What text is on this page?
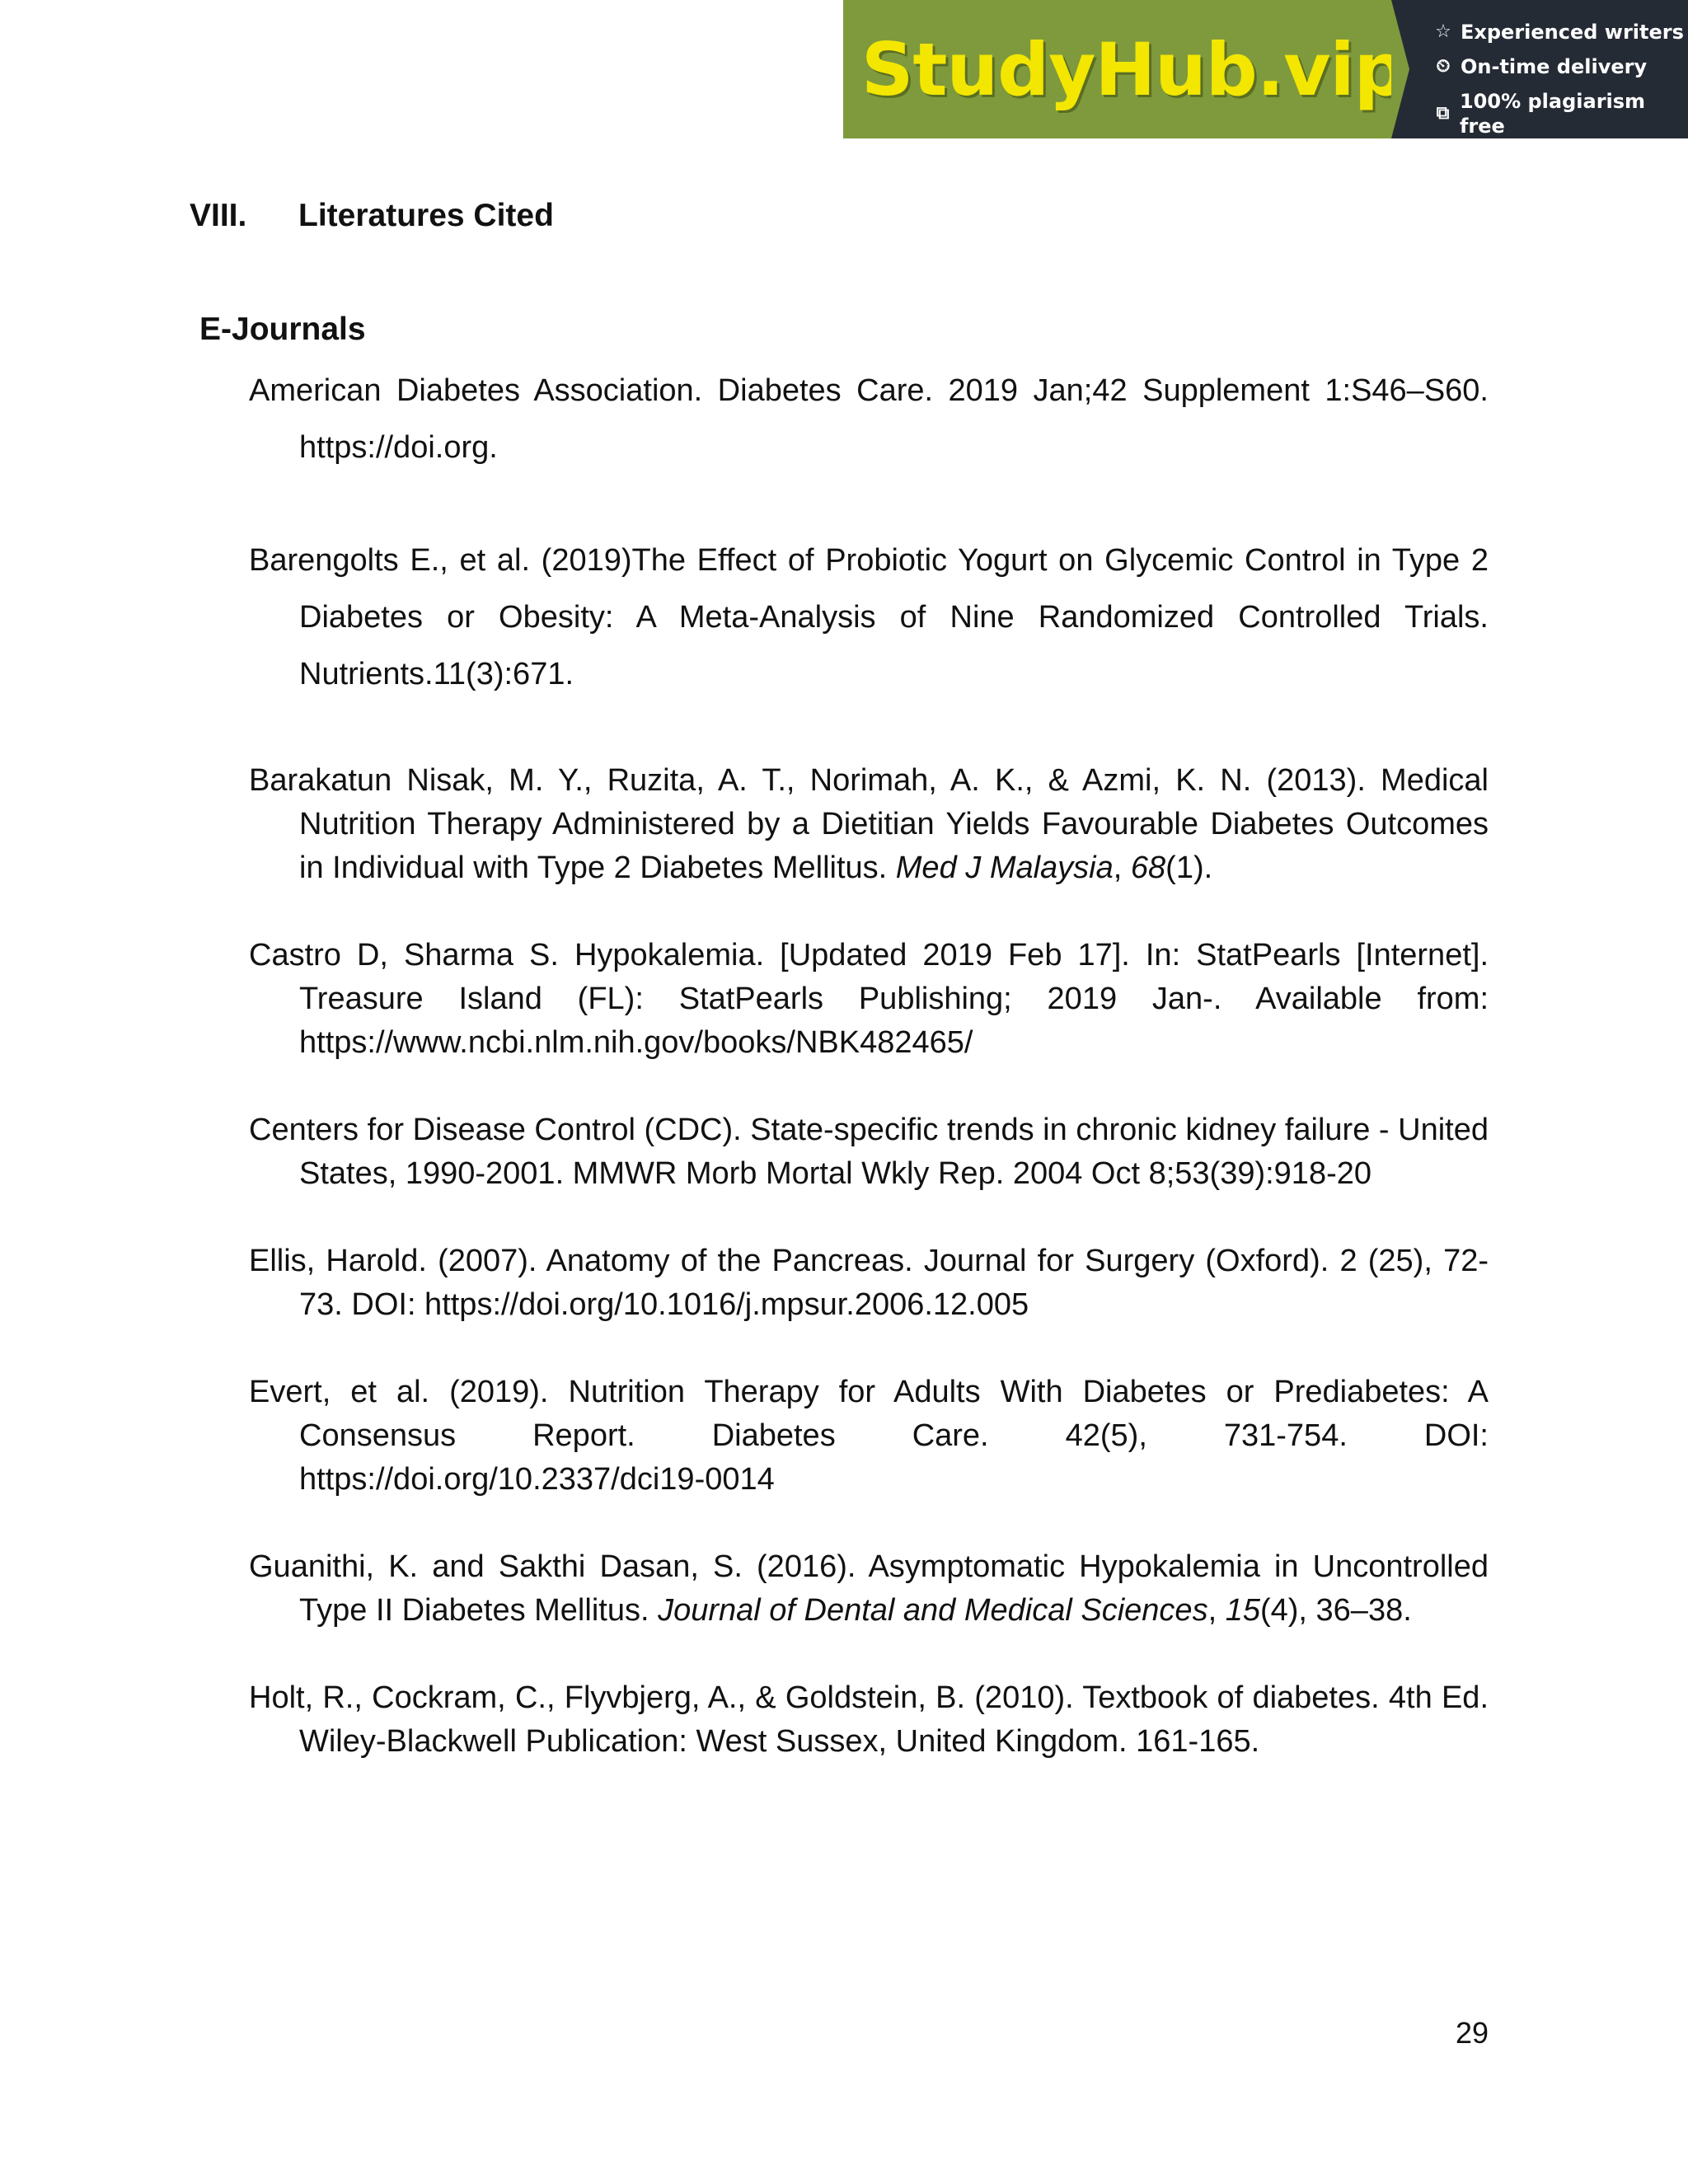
StudyHub.vip ☆ Experienced writers
⏲ On-time delivery
⧉
100% plagiarism free
VIII.	Literatures Cited
E-Journals

American Diabetes Association. Diabetes Care. 2019 Jan;42 Supplement 1:S46–S60. https://doi.org.

Barengolts E., et al. (2019)The Effect of Probiotic Yogurt on Glycemic Control in Type 2 Diabetes or Obesity: A Meta-Analysis of Nine Randomized Controlled Trials. Nutrients.11(3):671.

Barakatun Nisak, M. Y., Ruzita, A. T., Norimah, A. K., & Azmi, K. N. (2013). Medical Nutrition Therapy Administered by a Dietitian Yields Favourable Diabetes Outcomes in Individual with Type 2 Diabetes Mellitus. Med J Malaysia, 68(1).

Castro D, Sharma S. Hypokalemia. [Updated 2019 Feb 17]. In: StatPearls [Internet]. Treasure Island (FL): StatPearls Publishing; 2019 Jan-. Available from: https://www.ncbi.nlm.nih.gov/books/NBK482465/

Centers for Disease Control (CDC). State-specific trends in chronic kidney failure - United States, 1990-2001. MMWR Morb Mortal Wkly Rep. 2004 Oct 8;53(39):918-20

Ellis, Harold. (2007). Anatomy of the Pancreas. Journal for Surgery (Oxford). 2 (25), 72-73. DOI: https://doi.org/10.1016/j.mpsur.2006.12.005

Evert, et al. (2019). Nutrition Therapy for Adults With Diabetes or Prediabetes: A Consensus Report. Diabetes Care. 42(5), 731-754. DOI: https://doi.org/10.2337/dci19-0014

Guanithi, K. and Sakthi Dasan, S. (2016). Asymptomatic Hypokalemia in Uncontrolled Type II Diabetes Mellitus. Journal of Dental and Medical Sciences, 15(4), 36–38.

Holt, R., Cockram, C., Flyvbjerg, A., & Goldstein, B. (2010). Textbook of diabetes. 4th Ed. Wiley-Blackwell Publication: West Sussex, United Kingdom. 161-165.

29
